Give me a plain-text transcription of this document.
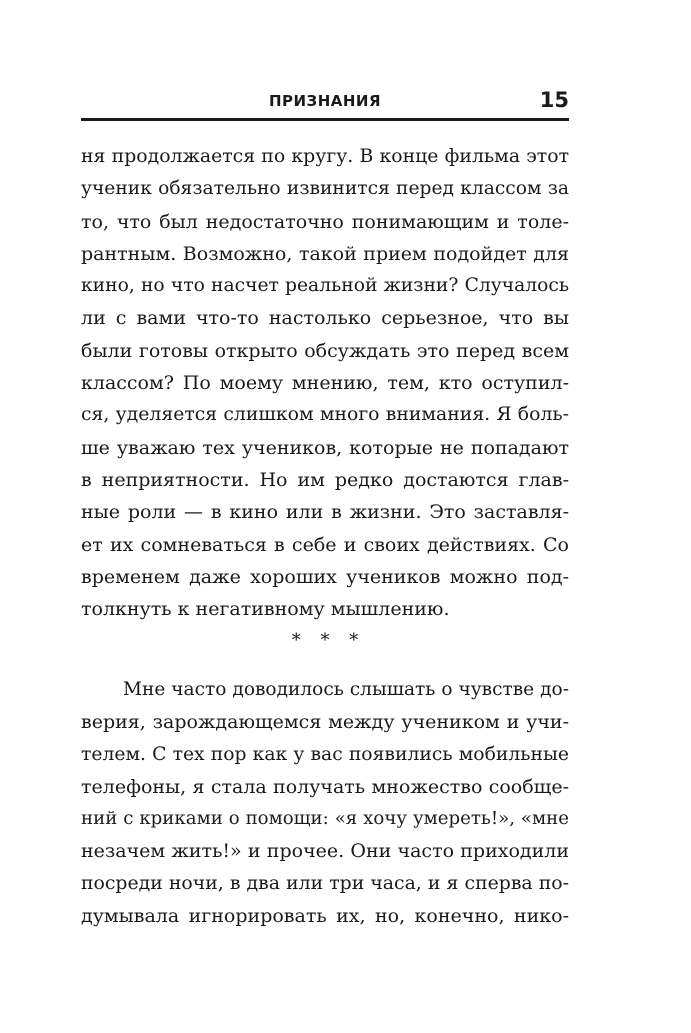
ПРИЗНАНИЯ	15
ня продолжается по кругу. В конце фильма этот
ученик обязательно извинится перед классом за
то, что был недостаточно понимающим и толе-
рантным. Возможно, такой прием подойдет для
кино, но что насчет реальной жизни? Случалось
ли с вами что-то настолько серьезное, что вы
были готовы открыто обсуждать это перед всем
классом? По моему мнению, тем, кто оступил-
ся, уделяется слишком много внимания. Я боль-
ше уважаю тех учеников, которые не попадают
в неприятности. Но им редко достаются глав-
ные роли — в кино или в жизни. Это заставля-
ет их сомневаться в себе и своих действиях. Со
временем даже хороших учеников можно под-
толкнуть к негативному мышлению.
* * *
Мне часто доводилось слышать о чувстве до-
верия, зарождающемся между учеником и учи-
телем. С тех пор как у вас появились мобильные
телефоны, я стала получать множество сообще-
ний с криками о помощи: «я хочу умереть!», «мне
незачем жить!» и прочее. Они часто приходили
посреди ночи, в два или три часа, и я сперва по-
думывала игнорировать их, но, конечно, нико-
